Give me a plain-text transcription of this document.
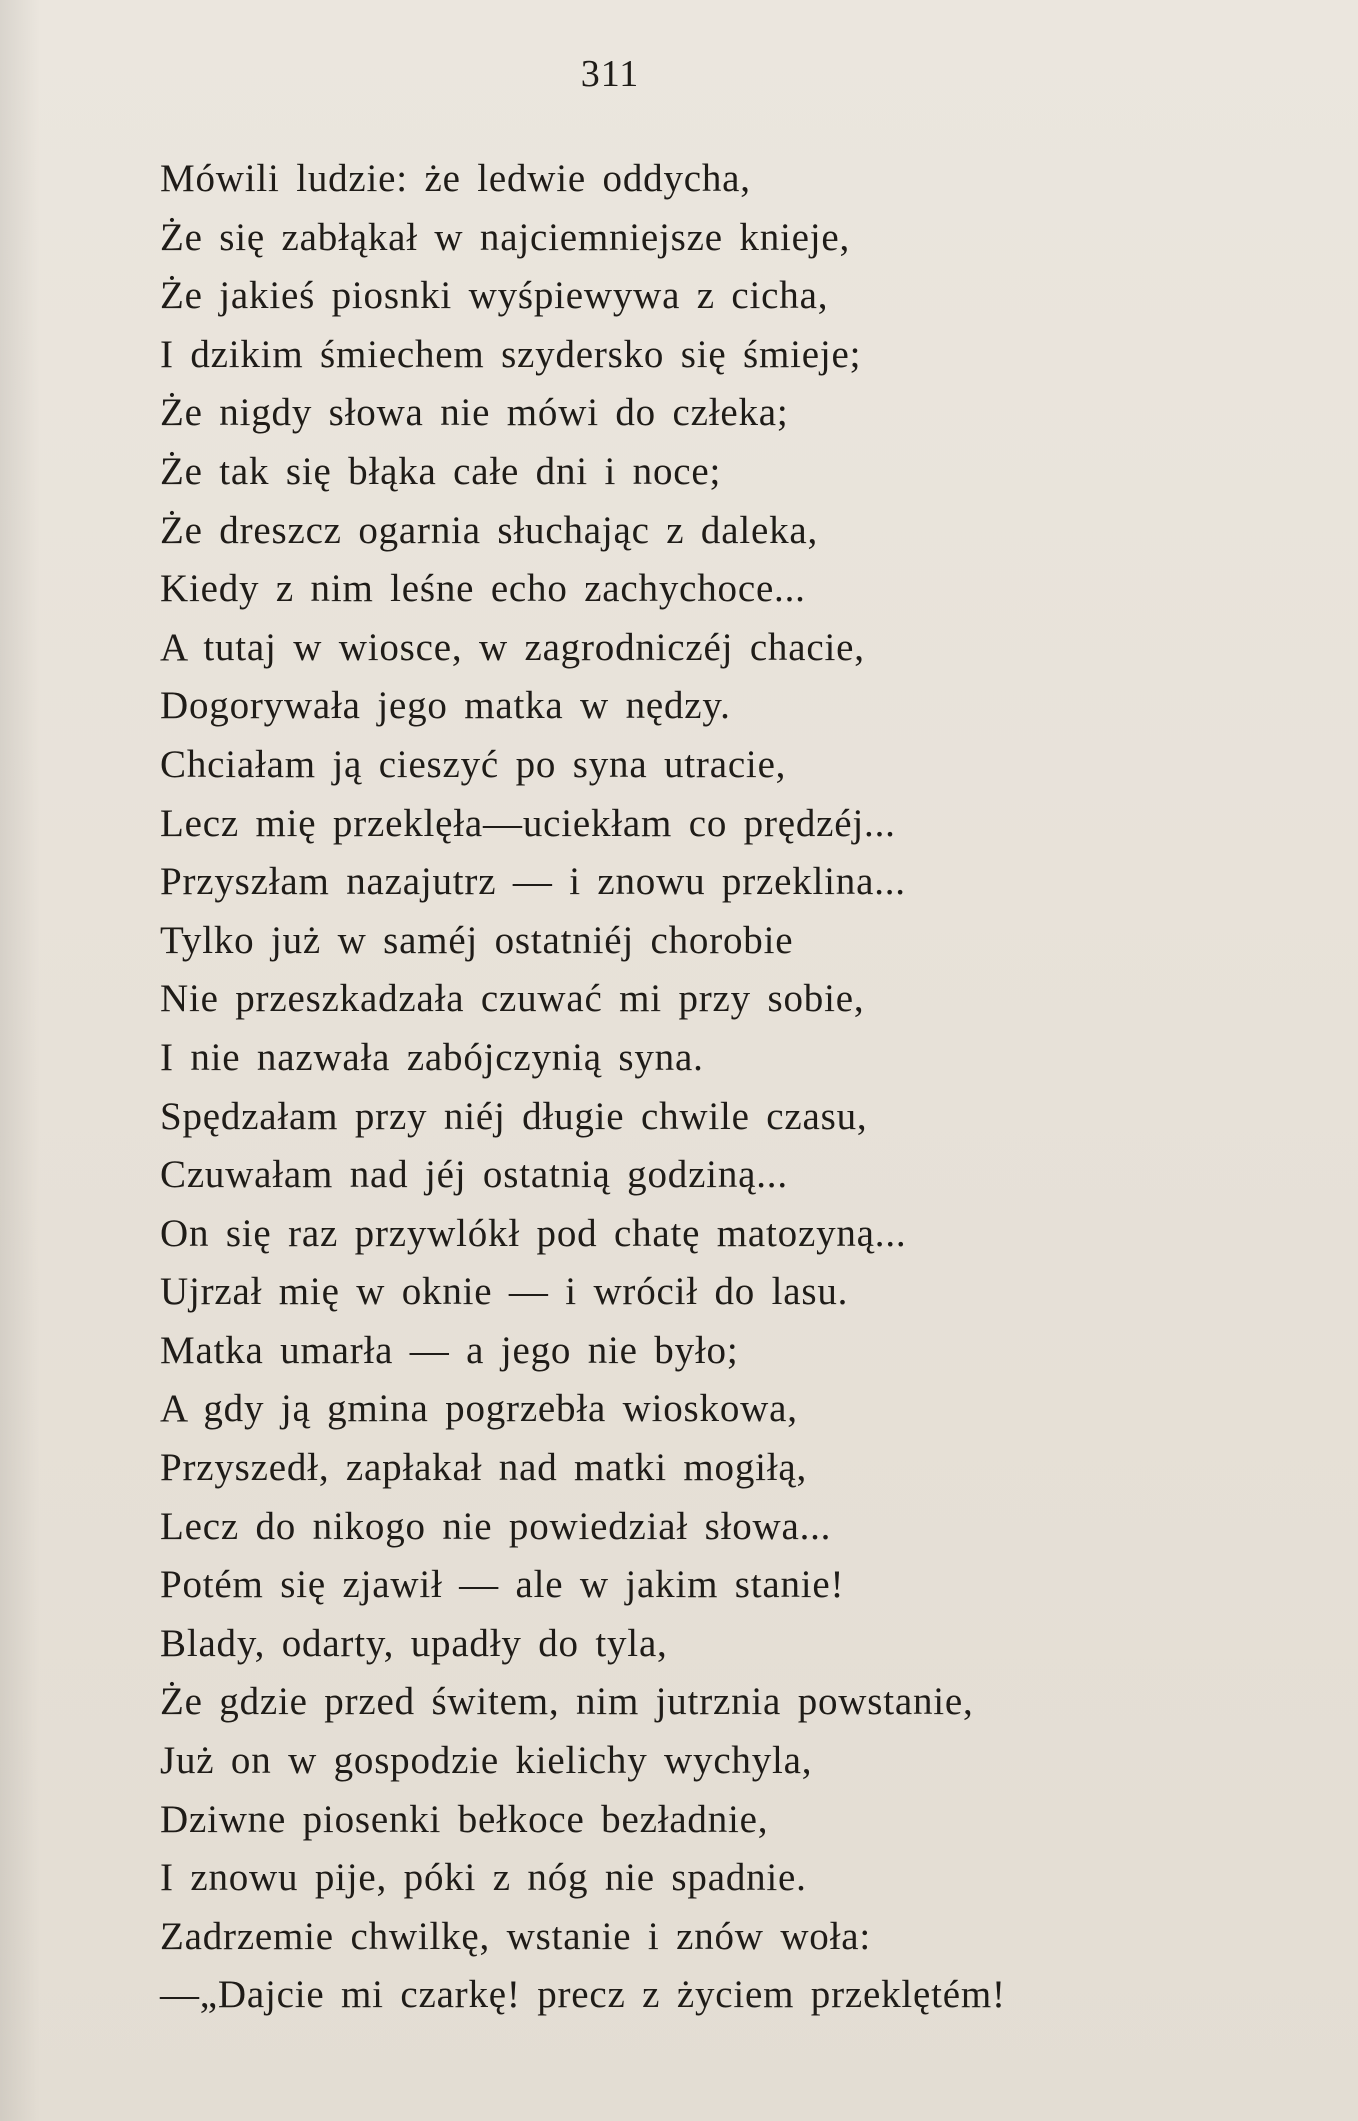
311
Mówili ludzie: że ledwie oddycha,
Że się zabłąkał w najciemniejsze knieje,
Że jakieś piosnki wyśpiewywa z cicha,
I dzikim śmiechem szydersko się śmieje;
Że nigdy słowa nie mówi do człeka;
Że tak się błąka całe dni i noce;
Że dreszcz ogarnia słuchając z daleka,
Kiedy z nim leśne echo zachychoce...
A tutaj w wiosce, w zagrodniczéj chacie,
Dogorywała jego matka w nędzy.
Chciałam ją cieszyć po syna utracie,
Lecz mię przeklęła—uciekłam co prędzéj...
Przyszłam nazajutrz — i znowu przeklina...
Tylko już w saméj ostatniéj chorobie
Nie przeszkadzała czuwać mi przy sobie,
I nie nazwała zabójczynią syna.
Spędzałam przy niéj długie chwile czasu,
Czuwałam nad jéj ostatnią godziną...
On się raz przywlókł pod chatę matozyną...
Ujrzał mię w oknie — i wrócił do lasu.
Matka umarła — a jego nie było;
A gdy ją gmina pogrzebła wioskowa,
Przyszedł, zapłakał nad matki mogiłą,
Lecz do nikogo nie powiedział słowa...
Potém się zjawił — ale w jakim stanie!
Blady, odarty, upadły do tyla,
Że gdzie przed świtem, nim jutrznia powstanie,
Już on w gospodzie kielichy wychyla,
Dziwne piosenki bełkoce bezładnie,
I znowu pije, póki z nóg nie spadnie.
Zadrzemie chwilkę, wstanie i znów woła:
—„Dajcie mi czarkę! precz z życiem przeklętém!
